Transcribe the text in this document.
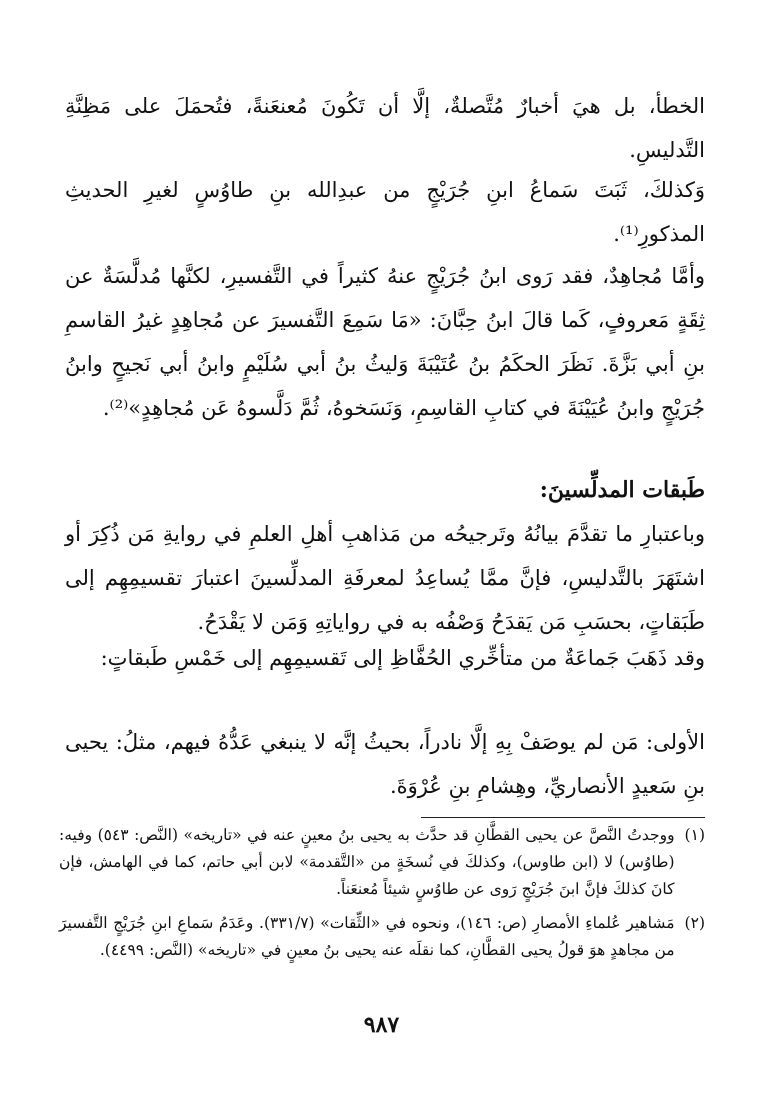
الخطأ، بل هيَ أخبارٌ مُتَّصلةٌ، إلَّا أن تَكُونَ مُعنعَنةً، فتُحمَلَ على مَظِنَّةِ التَّدليسِ.

وَكذلكَ، ثَبَتَ سَماعُ ابنِ جُرَيْجٍ من عبدِالله بنِ طاوُسٍ لغيرِ الحديثِ المذكورِ⁽¹⁾.

وأمَّا مُجاهِدٌ، فقد رَوى ابنُ جُرَيْجٍ عنهُ كثيراً في التَّفسيرِ، لكنَّها مُدلَّسَةٌ عن ثِقَةٍ مَعروفٍ، كَما قالَ ابنُ حِبَّانَ: «مَا سَمِعَ التَّفسيرَ عن مُجاهِدٍ غيرُ القاسمِ بنِ أبي بَزَّةَ. نَظَرَ الحكَمُ بنُ عُتَيْبَةَ وَليثُ بنُ أبي سُلَيْمٍ وابنُ أبي نَجيحٍ وابنُ جُرَيْجٍ وابنُ عُيَيْنَةَ في كتابِ القاسِمِ، وَنَسَخوهُ، ثُمَّ دَلَّسوهُ عَن مُجاهِدٍ»⁽²⁾.

طَبقات المدلِّسينَ:

وباعتبارِ ما تقدَّمَ بيانُهُ وتَرجيحُه من مَذاهبِ أهلِ العلمِ في روايةِ مَن ذُكِرَ أو اشتَهَرَ بالتَّدليسِ، فإنَّ ممَّا يُساعِدُ لمعرفَةِ المدلِّسينَ اعتبارَ تقسيمِهِم إلى طَبَقاتٍ، بحسَبِ مَن يَقدَحُ وَصْفُه به في رواياتِهِ وَمَن لا يَقْدَحُ.

وقد ذَهَبَ جَماعَةٌ من متأخِّري الحُفَّاظِ إلى تَقسيمِهِم إلى خَمْسِ طَبقاتٍ:

الأولى: مَن لم يوصَفْ بِهِ إلَّا نادراً، بحيثُ إنَّه لا ينبغي عَدُّهُ فيهم، مثلُ: يحيى بنِ سَعيدٍ الأنصاريِّ، وهِشامِ بنِ عُرْوَةَ.

(١)
ووجدتُ النَّصَّ عن يحيى القطَّانِ قد حدَّث به يحيى بنُ معينٍ عنه في «تاريخه» (النَّص: ٥٤٣) وفيه: (طاوُس) لا (ابن طاوس)، وكذلكَ في نُسخَةٍ من «التَّقدمة» لابن أبي حاتم، كما في الهامش، فإن كانَ كذلكَ فإنَّ ابنَ جُرَيْجٍ رَوى عن طاوُسٍ شيئاً مُعنعَناً.
(٢)
مَشاهير عُلماءِ الأمصارِ (ص: ١٤٦)، ونحوه في «الثِّقات» (٣٣١/٧). وعَدَمُ سَماعِ ابنِ جُرَيْجٍ التَّفسيرَ من مجاهدٍ هوَ قولُ يحيى القطَّانِ، كما نقلَه عنه يحيى بنُ معينٍ في «تاريخه» (النَّص: ٤٤٩٩).

٩٨٧
